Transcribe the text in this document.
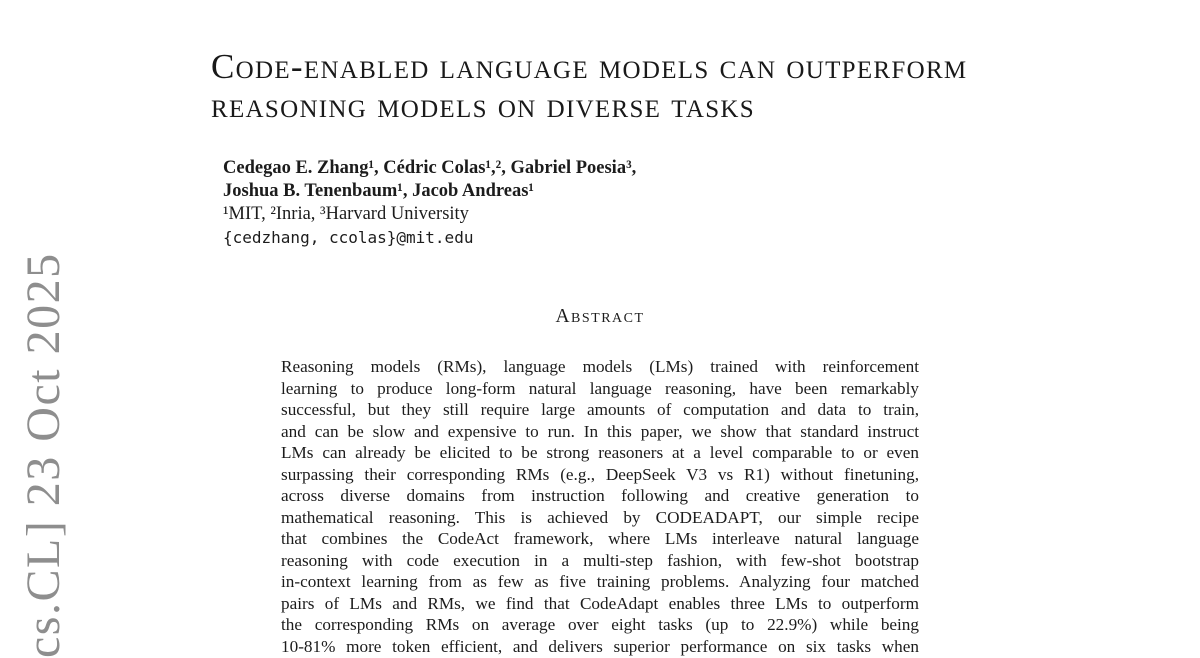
cs.CL] 23 Oct 2025
Code-enabled language models can outperform
reasoning models on diverse tasks
Cedegao E. Zhang¹, Cédric Colas¹,², Gabriel Poesia³,
Joshua B. Tenenbaum¹, Jacob Andreas¹
¹MIT, ²Inria, ³Harvard University
{cedzhang, ccolas}@mit.edu
Abstract
Reasoning models (RMs), language models (LMs) trained with reinforcement
learning to produce long-form natural language reasoning, have been remarkably
successful, but they still require large amounts of computation and data to train,
and can be slow and expensive to run. In this paper, we show that standard instruct
LMs can already be elicited to be strong reasoners at a level comparable to or even
surpassing their corresponding RMs (e.g., DeepSeek V3 vs R1) without finetuning,
across diverse domains from instruction following and creative generation to
mathematical reasoning. This is achieved by CODEADAPT, our simple recipe
that combines the CodeAct framework, where LMs interleave natural language
reasoning with code execution in a multi-step fashion, with few-shot bootstrap
in-context learning from as few as five training problems. Analyzing four matched
pairs of LMs and RMs, we find that CodeAdapt enables three LMs to outperform
the corresponding RMs on average over eight tasks (up to 22.9%) while being
10-81% more token efficient, and delivers superior performance on six tasks when
